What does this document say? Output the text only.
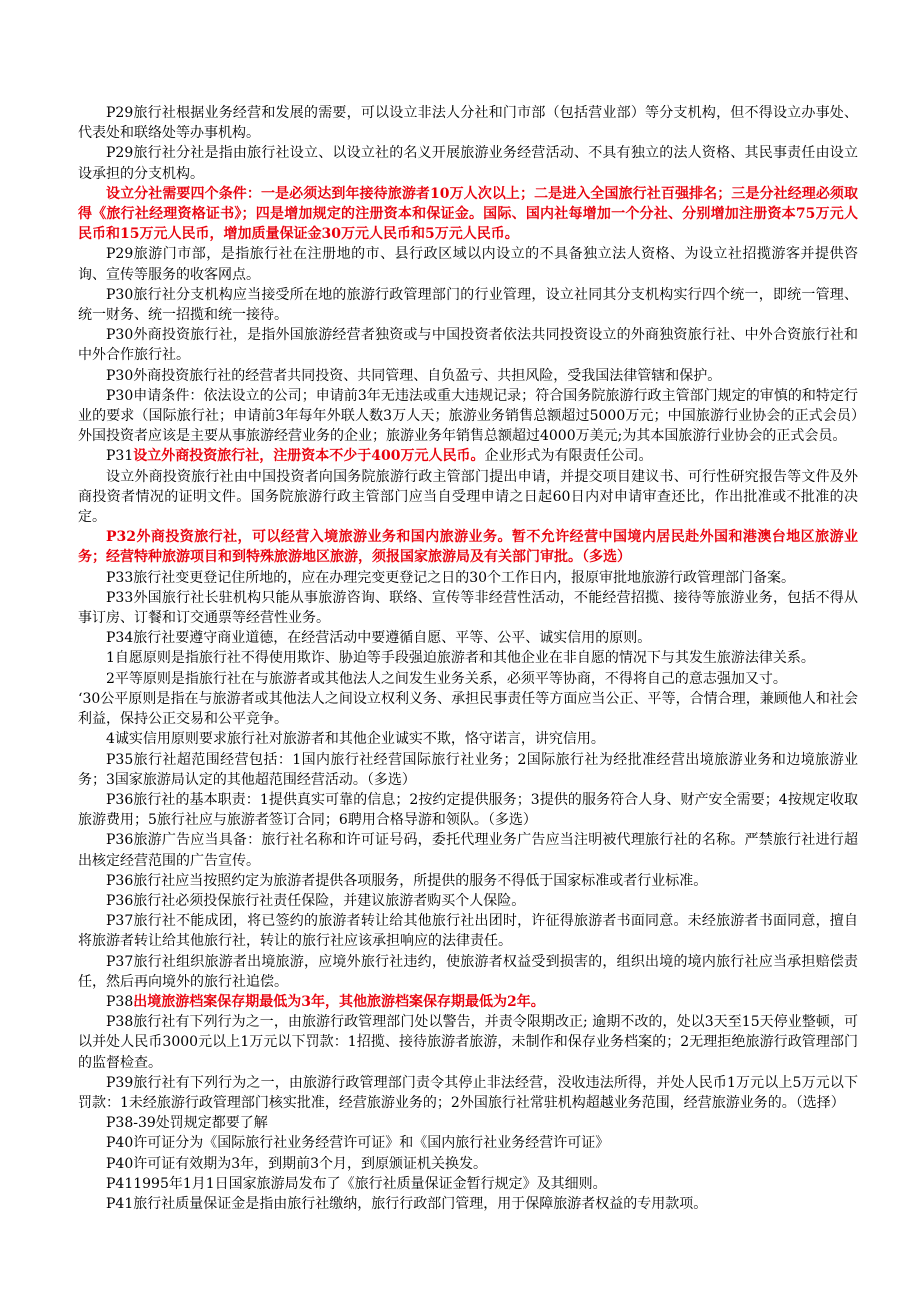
P29旅行社根据业务经营和发展的需要，可以设立非法人分社和门市部（包括营业部）等分支机构，但不得设立办事处、代表处和联络处等办事机构。

P29旅行社分社是指由旅行社设立、以设立社的名义开展旅游业务经营活动、不具有独立的法人资格、其民事责任由设立设承担的分支机构。

设立分社需要四个条件：一是必须达到年接待旅游者10万人次以上；二是进入全国旅行社百强排名；三是分社经理必须取得《旅行社经理资格证书》；四是增加规定的注册资本和保证金。国际、国内社每增加一个分社、分别增加注册资本75万元人民币和15万元人民币，增加质量保证金30万元人民币和5万元人民币。

P29旅游门市部，是指旅行社在注册地的市、县行政区域以内设立的不具备独立法人资格、为设立社招揽游客并提供咨询、宣传等服务的收客网点。

P30旅行社分支机构应当接受所在地的旅游行政管理部门的行业管理，设立社同其分支机构实行四个统一，即统一管理、统一财务、统一招揽和统一接待。

P30外商投资旅行社，是指外国旅游经营者独资或与中国投资者依法共同投资设立的外商独资旅行社、中外合资旅行社和中外合作旅行社。

P30外商投资旅行社的经营者共同投资、共同管理、自负盈亏、共担风险，受我国法律管辖和保护。

P30申请条件：依法设立的公司；申请前3年无违法或重大违规记录；符合国务院旅游行政主管部门规定的审慎的和特定行业的要求（国际旅行社；申请前3年每年外联人数3万人天；旅游业务销售总额超过5000万元；中国旅游行业协会的正式会员）外国投资者应该是主要从事旅游经营业务的企业；旅游业务年销售总额超过4000万美元;为其本国旅游行业协会的正式会员。

P31设立外商投资旅行社，注册资本不少于400万元人民币。企业形式为有限责任公司。

设立外商投资旅行社由中国投资者向国务院旅游行政主管部门提出申请，并提交项目建议书、可行性研究报告等文件及外商投资者情况的证明文件。国务院旅游行政主管部门应当自受理申请之日起60日内对申请审查还比，作出批准或不批准的决定。

P32外商投资旅行社，可以经营入境旅游业务和国内旅游业务。暂不允许经营中国境内居民赴外国和港澳台地区旅游业务；经营特种旅游项目和到特殊旅游地区旅游，须报国家旅游局及有关部门审批。（多选）

P33旅行社变更登记住所地的，应在办理完变更登记之日的30个工作日内，报原审批地旅游行政管理部门备案。

P33外国旅行社长驻机构只能从事旅游咨询、联络、宣传等非经营性活动，不能经营招揽、接待等旅游业务，包括不得从事订房、订餐和订交通票等经营性业务。

P34旅行社要遵守商业道德，在经营活动中要遵循自愿、平等、公平、诚实信用的原则。

1自愿原则是指旅行社不得使用欺诈、胁迫等手段强迫旅游者和其他企业在非自愿的情况下与其发生旅游法律关系。

2平等原则是指旅行社在与旅游者或其他法人之间发生业务关系，必须平等协商，不得将自己的意志强加又寸。

‘30公平原则是指在与旅游者或其他法人之间设立权利义务、承担民事责任等方面应当公正、平等，合情合理，兼顾他人和社会利益，保持公正交易和公平竞争。

4诚实信用原则要求旅行社对旅游者和其他企业诚实不欺，恪守诺言，讲究信用。

P35旅行社超范围经营包括：1国内旅行社经营国际旅行社业务；2国际旅行社为经批准经营出境旅游业务和边境旅游业务；3国家旅游局认定的其他超范围经营活动。（多选）

P36旅行社的基本职责：1提供真实可靠的信息；2按约定提供服务；3提供的服务符合人身、财产安全需要；4按规定收取旅游费用；5旅行社应与旅游者签订合同；6聘用合格导游和领队。（多选）

P36旅游广告应当具备：旅行社名称和许可证号码，委托代理业务广告应当注明被代理旅行社的名称。严禁旅行社进行超出核定经营范围的广告宣传。

P36旅行社应当按照约定为旅游者提供各项服务，所提供的服务不得低于国家标准或者行业标准。

P36旅行社必须投保旅行社责任保险，并建议旅游者购买个人保险。

P37旅行社不能成团，将已签约的旅游者转让给其他旅行社出团时，许征得旅游者书面同意。未经旅游者书面同意，擅自将旅游者转让给其他旅行社，转让的旅行社应该承担响应的法律责任。

P37旅行社组织旅游者出境旅游，应境外旅行社违约，使旅游者权益受到损害的，组织出境的境内旅行社应当承担赔偿责任，然后再向境外的旅行社追偿。

P38出境旅游档案保存期最低为3年，其他旅游档案保存期最低为2年。

P38旅行社有下列行为之一，由旅游行政管理部门处以警告，并责令限期改正; 逾期不改的，处以3天至15天停业整顿，可以并处人民币3000元以上1万元以下罚款：1招揽、接待旅游者旅游，未制作和保存业务档案的；2无理拒绝旅游行政管理部门的监督检查。

P39旅行社有下列行为之一，由旅游行政管理部门责令其停止非法经营，没收违法所得，并处人民币1万元以上5万元以下罚款：1未经旅游行政管理部门核实批准，经营旅游业务的；2外国旅行社常驻机构超越业务范围，经营旅游业务的。（选择）

P38-39处罚规定都要了解

P40许可证分为《国际旅行社业务经营许可证》和《国内旅行社业务经营许可证》

P40许可证有效期为3年，到期前3个月，到原颁证机关换发。

P411995年1月1日国家旅游局发布了《旅行社质量保证金暂行规定》及其细则。

P41旅行社质量保证金是指由旅行社缴纳，旅行行政部门管理，用于保障旅游者权益的专用款项。
